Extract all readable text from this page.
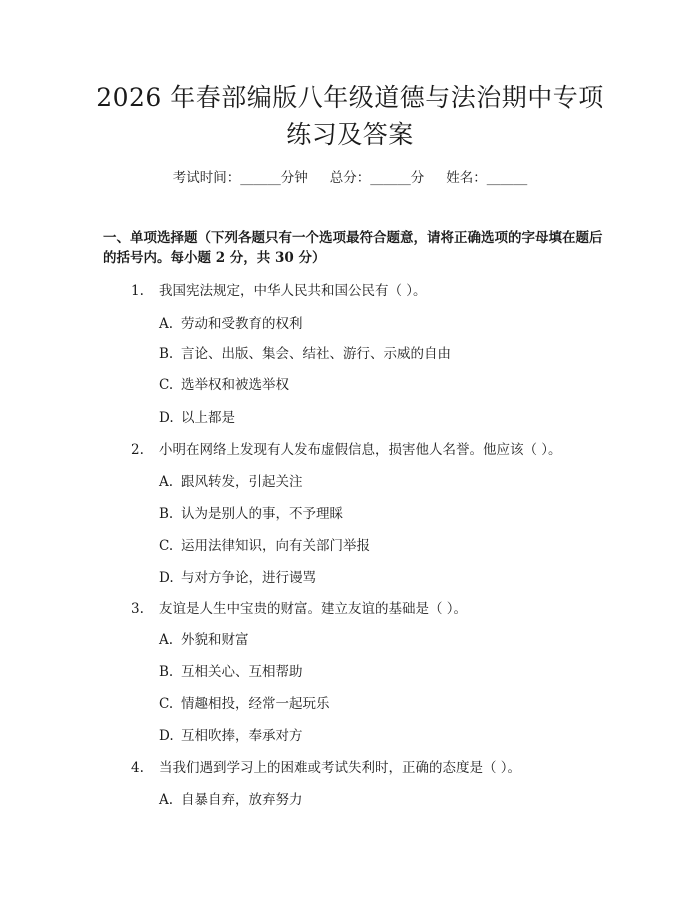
2026 年春部编版八年级道德与法治期中专项
练习及答案
考试时间：______分钟 总分：______分 姓名：______
一、单项选择题（下列各题只有一个选项最符合题意，请将正确选项的字母填在题后的括号内。每小题 2 分，共 30 分）
1. 我国宪法规定，中华人民共和国公民有（ ）。
A. 劳动和受教育的权利
B. 言论、出版、集会、结社、游行、示威的自由
C. 选举权和被选举权
D. 以上都是
2. 小明在网络上发现有人发布虚假信息，损害他人名誉。他应该（ ）。
A. 跟风转发，引起关注
B. 认为是别人的事，不予理睬
C. 运用法律知识，向有关部门举报
D. 与对方争论，进行谩骂
3. 友谊是人生中宝贵的财富。建立友谊的基础是（ ）。
A. 外貌和财富
B. 互相关心、互相帮助
C. 情趣相投，经常一起玩乐
D. 互相吹捧，奉承对方
4. 当我们遇到学习上的困难或考试失利时，正确的态度是（ ）。
A. 自暴自弃，放弃努力
